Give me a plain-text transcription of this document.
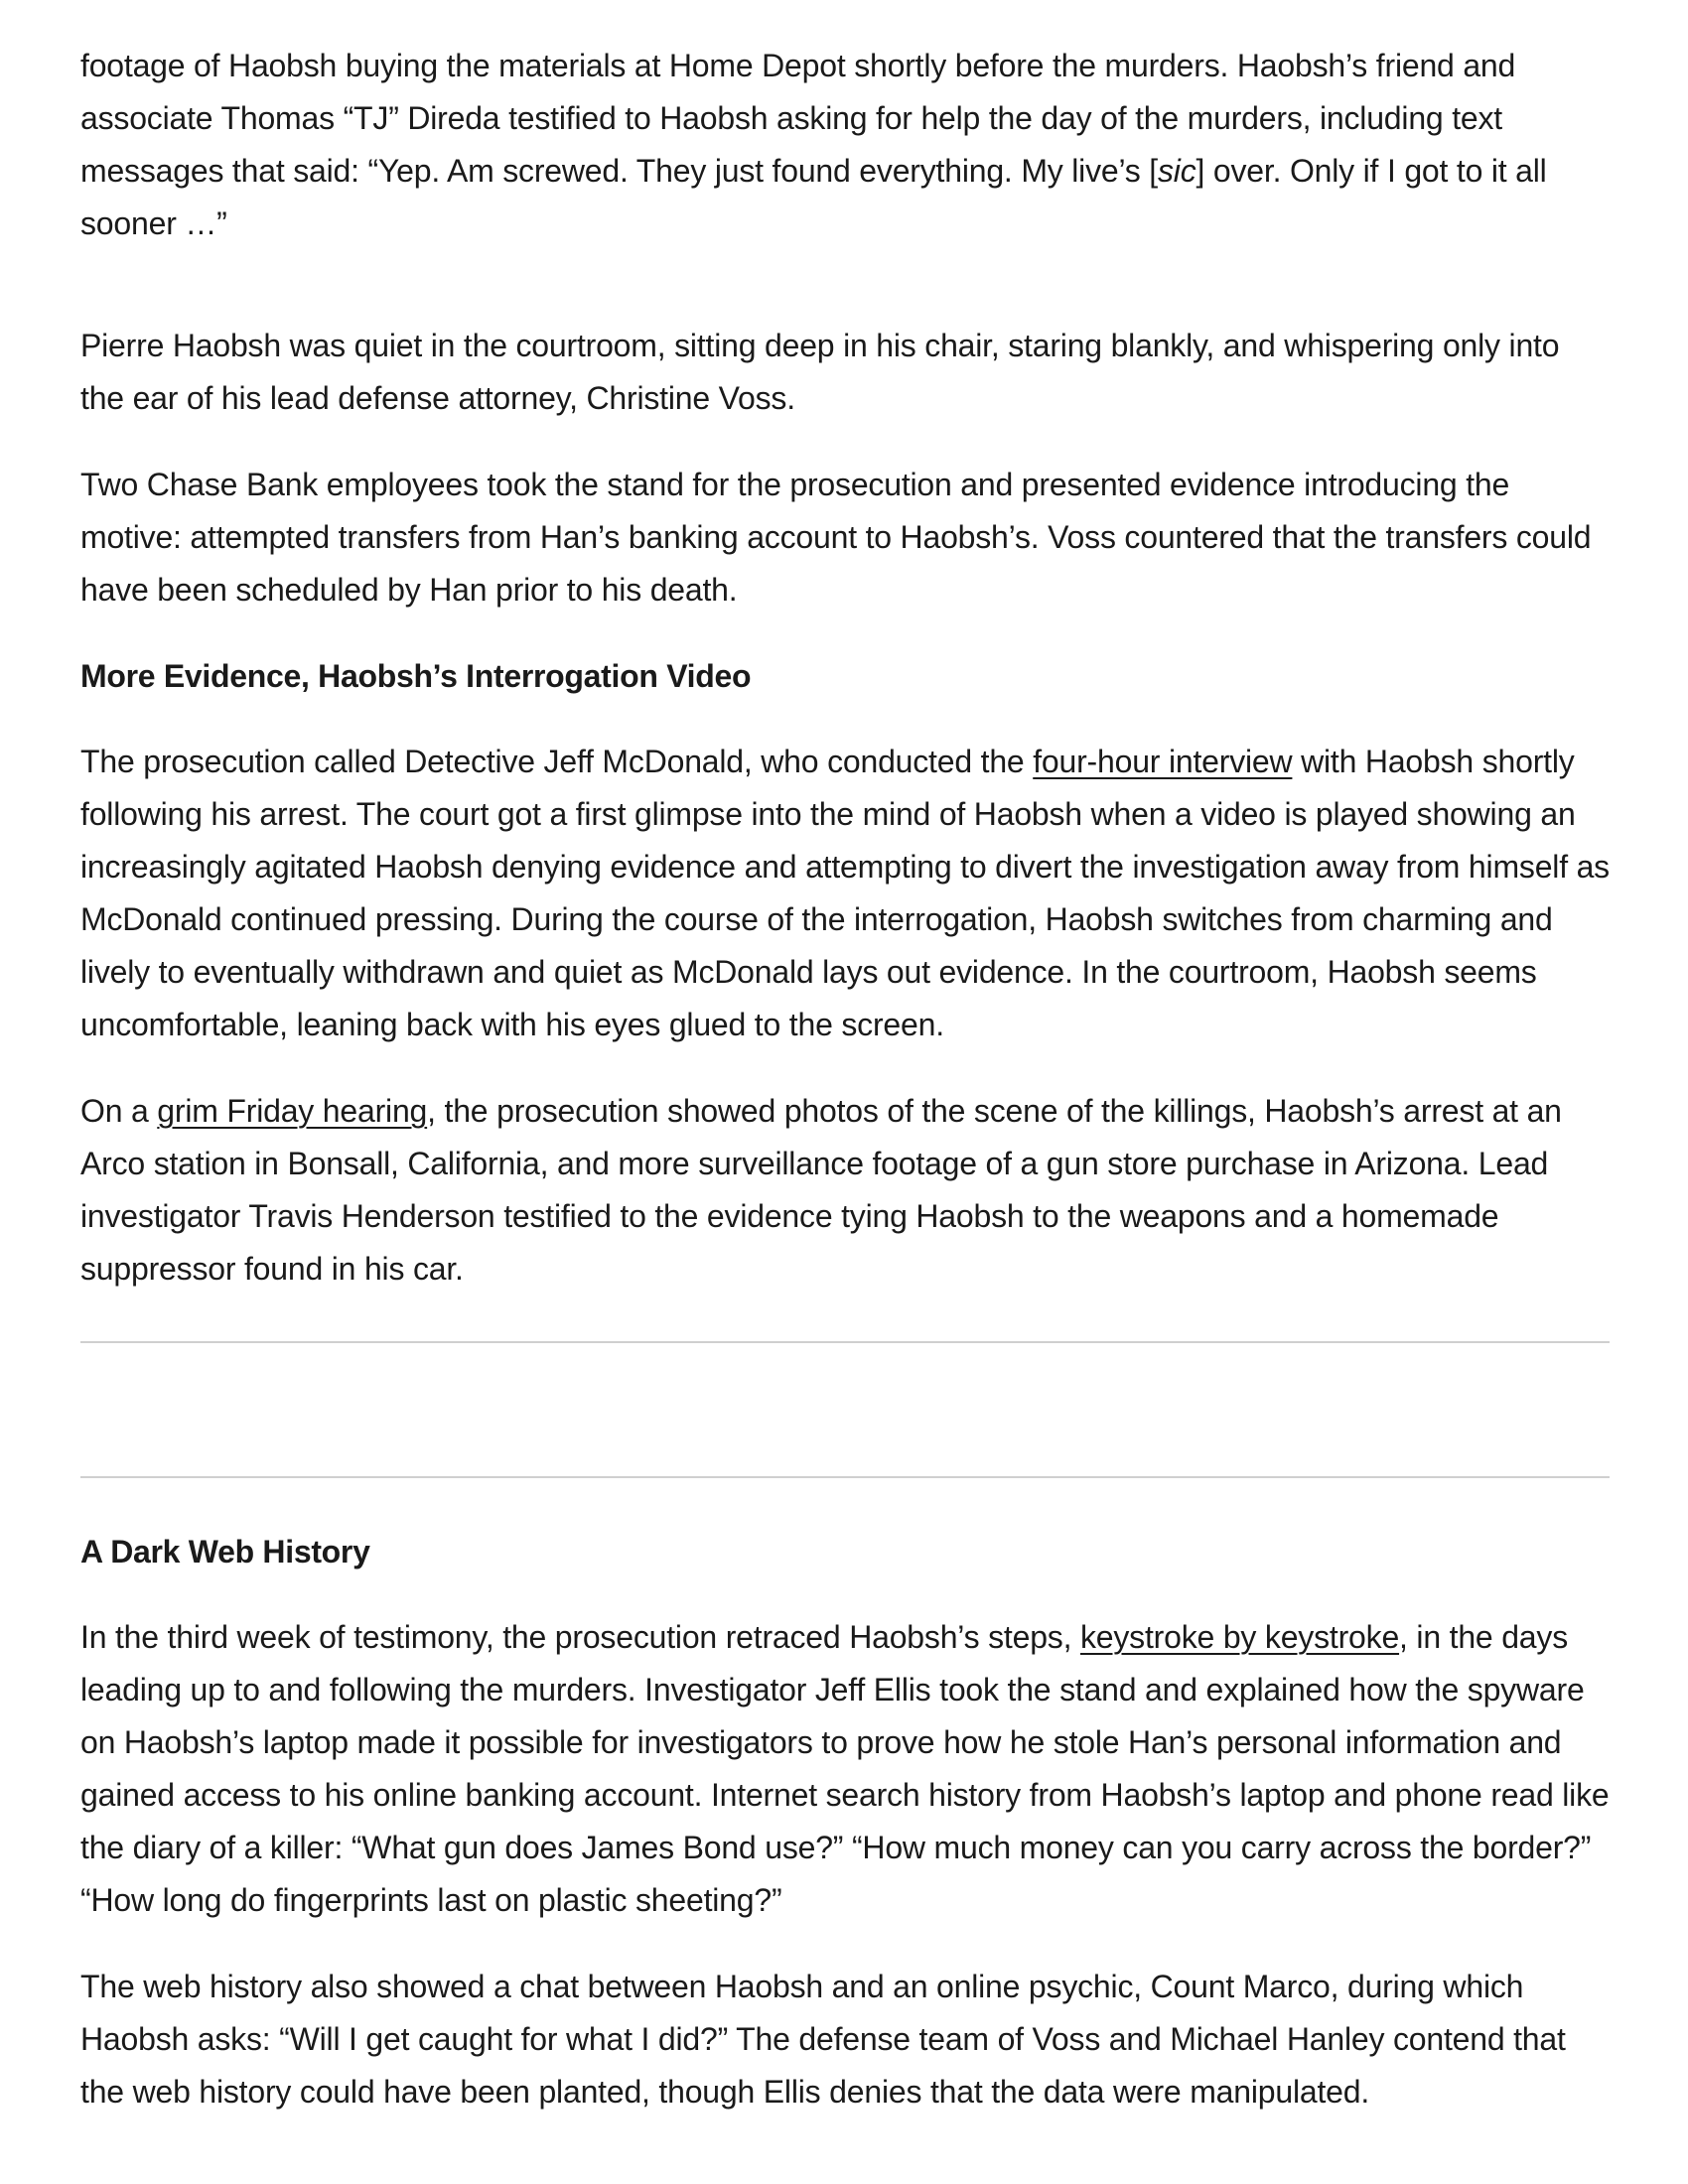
footage of Haobsh buying the materials at Home Depot shortly before the murders. Haobsh’s friend and associate Thomas “TJ” Direda testified to Haobsh asking for help the day of the murders, including text messages that said: “Yep. Am screwed. They just found everything. My live’s [sic] over. Only if I got to it all sooner …”

Pierre Haobsh was quiet in the courtroom, sitting deep in his chair, staring blankly, and whispering only into the ear of his lead defense attorney, Christine Voss.

Two Chase Bank employees took the stand for the prosecution and presented evidence introducing the motive: attempted transfers from Han’s banking account to Haobsh’s. Voss countered that the transfers could have been scheduled by Han prior to his death.

More Evidence, Haobsh’s Interrogation Video

The prosecution called Detective Jeff McDonald, who conducted the four-hour interview with Haobsh shortly following his arrest. The court got a first glimpse into the mind of Haobsh when a video is played showing an increasingly agitated Haobsh denying evidence and attempting to divert the investigation away from himself as McDonald continued pressing. During the course of the interrogation, Haobsh switches from charming and lively to eventually withdrawn and quiet as McDonald lays out evidence. In the courtroom, Haobsh seems uncomfortable, leaning back with his eyes glued to the screen.

On a grim Friday hearing, the prosecution showed photos of the scene of the killings, Haobsh’s arrest at an Arco station in Bonsall, California, and more surveillance footage of a gun store purchase in Arizona. Lead investigator Travis Henderson testified to the evidence tying Haobsh to the weapons and a homemade suppressor found in his car.

A Dark Web History

In the third week of testimony, the prosecution retraced Haobsh’s steps, keystroke by keystroke, in the days leading up to and following the murders. Investigator Jeff Ellis took the stand and explained how the spyware on Haobsh’s laptop made it possible for investigators to prove how he stole Han’s personal information and gained access to his online banking account. Internet search history from Haobsh’s laptop and phone read like the diary of a killer: “What gun does James Bond use?” “How much money can you carry across the border?” “How long do fingerprints last on plastic sheeting?”

The web history also showed a chat between Haobsh and an online psychic, Count Marco, during which Haobsh asks: “Will I get caught for what I did?” The defense team of Voss and Michael Hanley contend that the web history could have been planted, though Ellis denies that the data were manipulated.
